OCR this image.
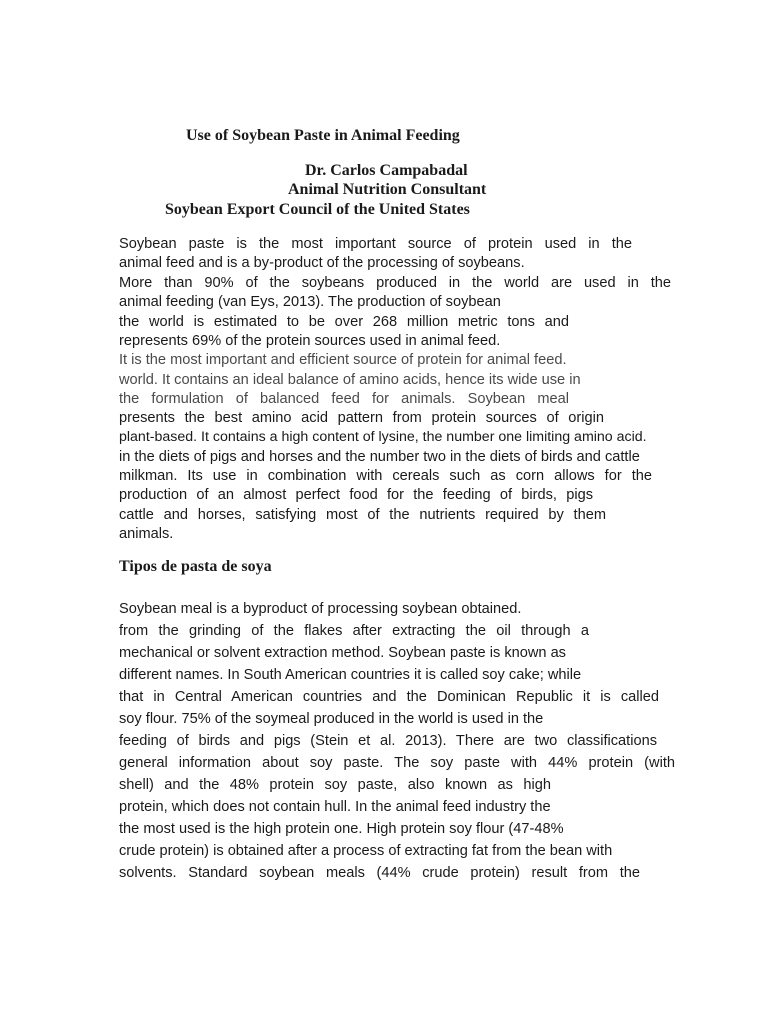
Use of Soybean Paste in Animal Feeding
Dr. Carlos Campabadal
Animal Nutrition Consultant
Soybean Export Council of the United States
Soybean paste is the most important source of protein used in the
animal feed and is a by-product of the processing of soybeans.
More than 90% of the soybeans produced in the world are used in the
animal feeding (van Eys, 2013). The production of soybean
the world is estimated to be over 268 million metric tons and
represents 69% of the protein sources used in animal feed.
It is the most important and efficient source of protein for animal feed.
world. It contains an ideal balance of amino acids, hence its wide use in
the formulation of balanced feed for animals. Soybean meal
presents the best amino acid pattern from protein sources of origin
plant-based. It contains a high content of lysine, the number one limiting amino acid.
in the diets of pigs and horses and the number two in the diets of birds and cattle
milkman. Its use in combination with cereals such as corn allows for the
production of an almost perfect food for the feeding of birds, pigs
cattle and horses, satisfying most of the nutrients required by them
animals.
Tipos de pasta de soya
Soybean meal is a byproduct of processing soybean obtained.
from the grinding of the flakes after extracting the oil through a
mechanical or solvent extraction method. Soybean paste is known as
different names. In South American countries it is called soy cake; while
that in Central American countries and the Dominican Republic it is called
soy flour. 75% of the soymeal produced in the world is used in the
feeding of birds and pigs (Stein et al. 2013). There are two classifications
general information about soy paste. The soy paste with 44% protein (with
shell) and the 48% protein soy paste, also known as high
protein, which does not contain hull. In the animal feed industry the
the most used is the high protein one. High protein soy flour (47-48%
crude protein) is obtained after a process of extracting fat from the bean with
solvents. Standard soybean meals (44% crude protein) result from the
